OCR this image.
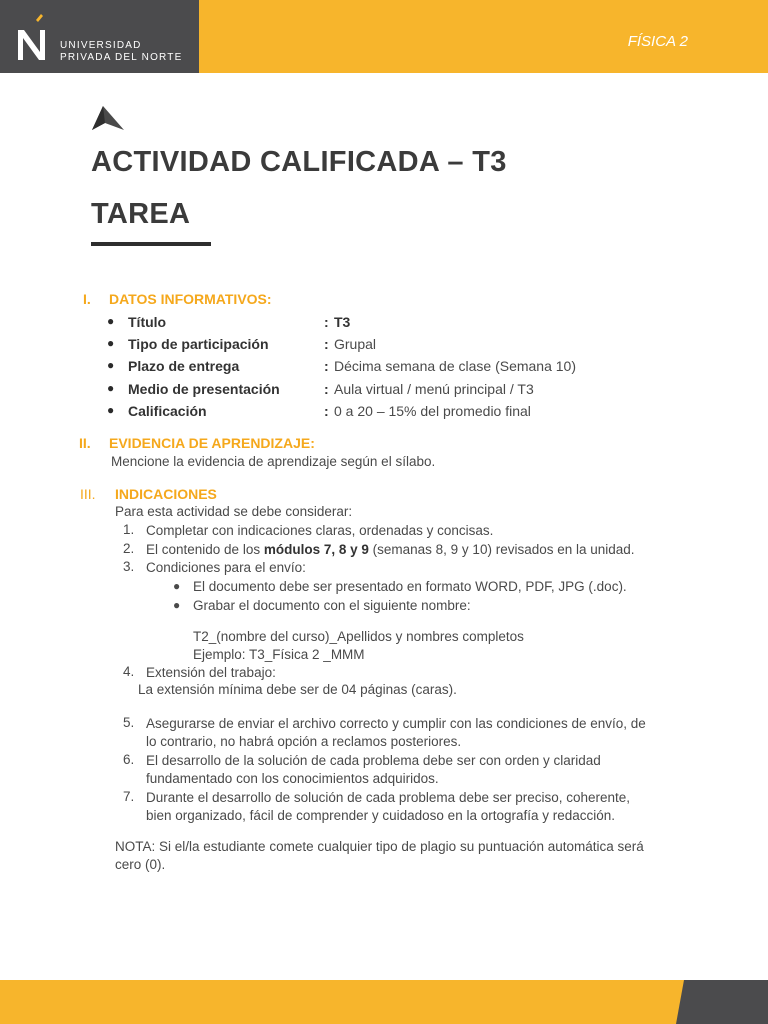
UNIVERSIDAD
PRIVADA DEL NORTE
FÍSICA 2
ACTIVIDAD CALIFICADA – T3
TAREA
I. DATOS INFORMATIVOS:
● Título	: T3
● Tipo de participación	: Grupal
● Plazo de entrega	: Décima semana de clase (Semana 10)
● Medio de presentación	: Aula virtual / menú principal / T3
● Calificación	: 0 a 20 – 15% del promedio final
II. EVIDENCIA DE APRENDIZAJE:
Mencione la evidencia de aprendizaje según el sílabo.
III. INDICACIONES
Para esta actividad se debe considerar:
1. Completar con indicaciones claras, ordenadas y concisas.
2. El contenido de los módulos 7, 8 y 9 (semanas 8, 9 y 10) revisados en la unidad.
3. Condiciones para el envío:
● El documento debe ser presentado en formato WORD, PDF, JPG (.doc).
● Grabar el documento con el siguiente nombre:
T2_(nombre del curso)_Apellidos y nombres completos
Ejemplo: T3_Física 2 _MMM
4. Extensión del trabajo:
La extensión mínima debe ser de 04 páginas (caras).
5. Asegurarse de enviar el archivo correcto y cumplir con las condiciones de envío, de
lo contrario, no habrá opción a reclamos posteriores.
6. El desarrollo de la solución de cada problema debe ser con orden y claridad
fundamentado con los conocimientos adquiridos.
7. Durante el desarrollo de solución de cada problema debe ser preciso, coherente,
bien organizado, fácil de comprender y cuidadoso en la ortografía y redacción.
NOTA: Si el/la estudiante comete cualquier tipo de plagio su puntuación automática será
cero (0).
